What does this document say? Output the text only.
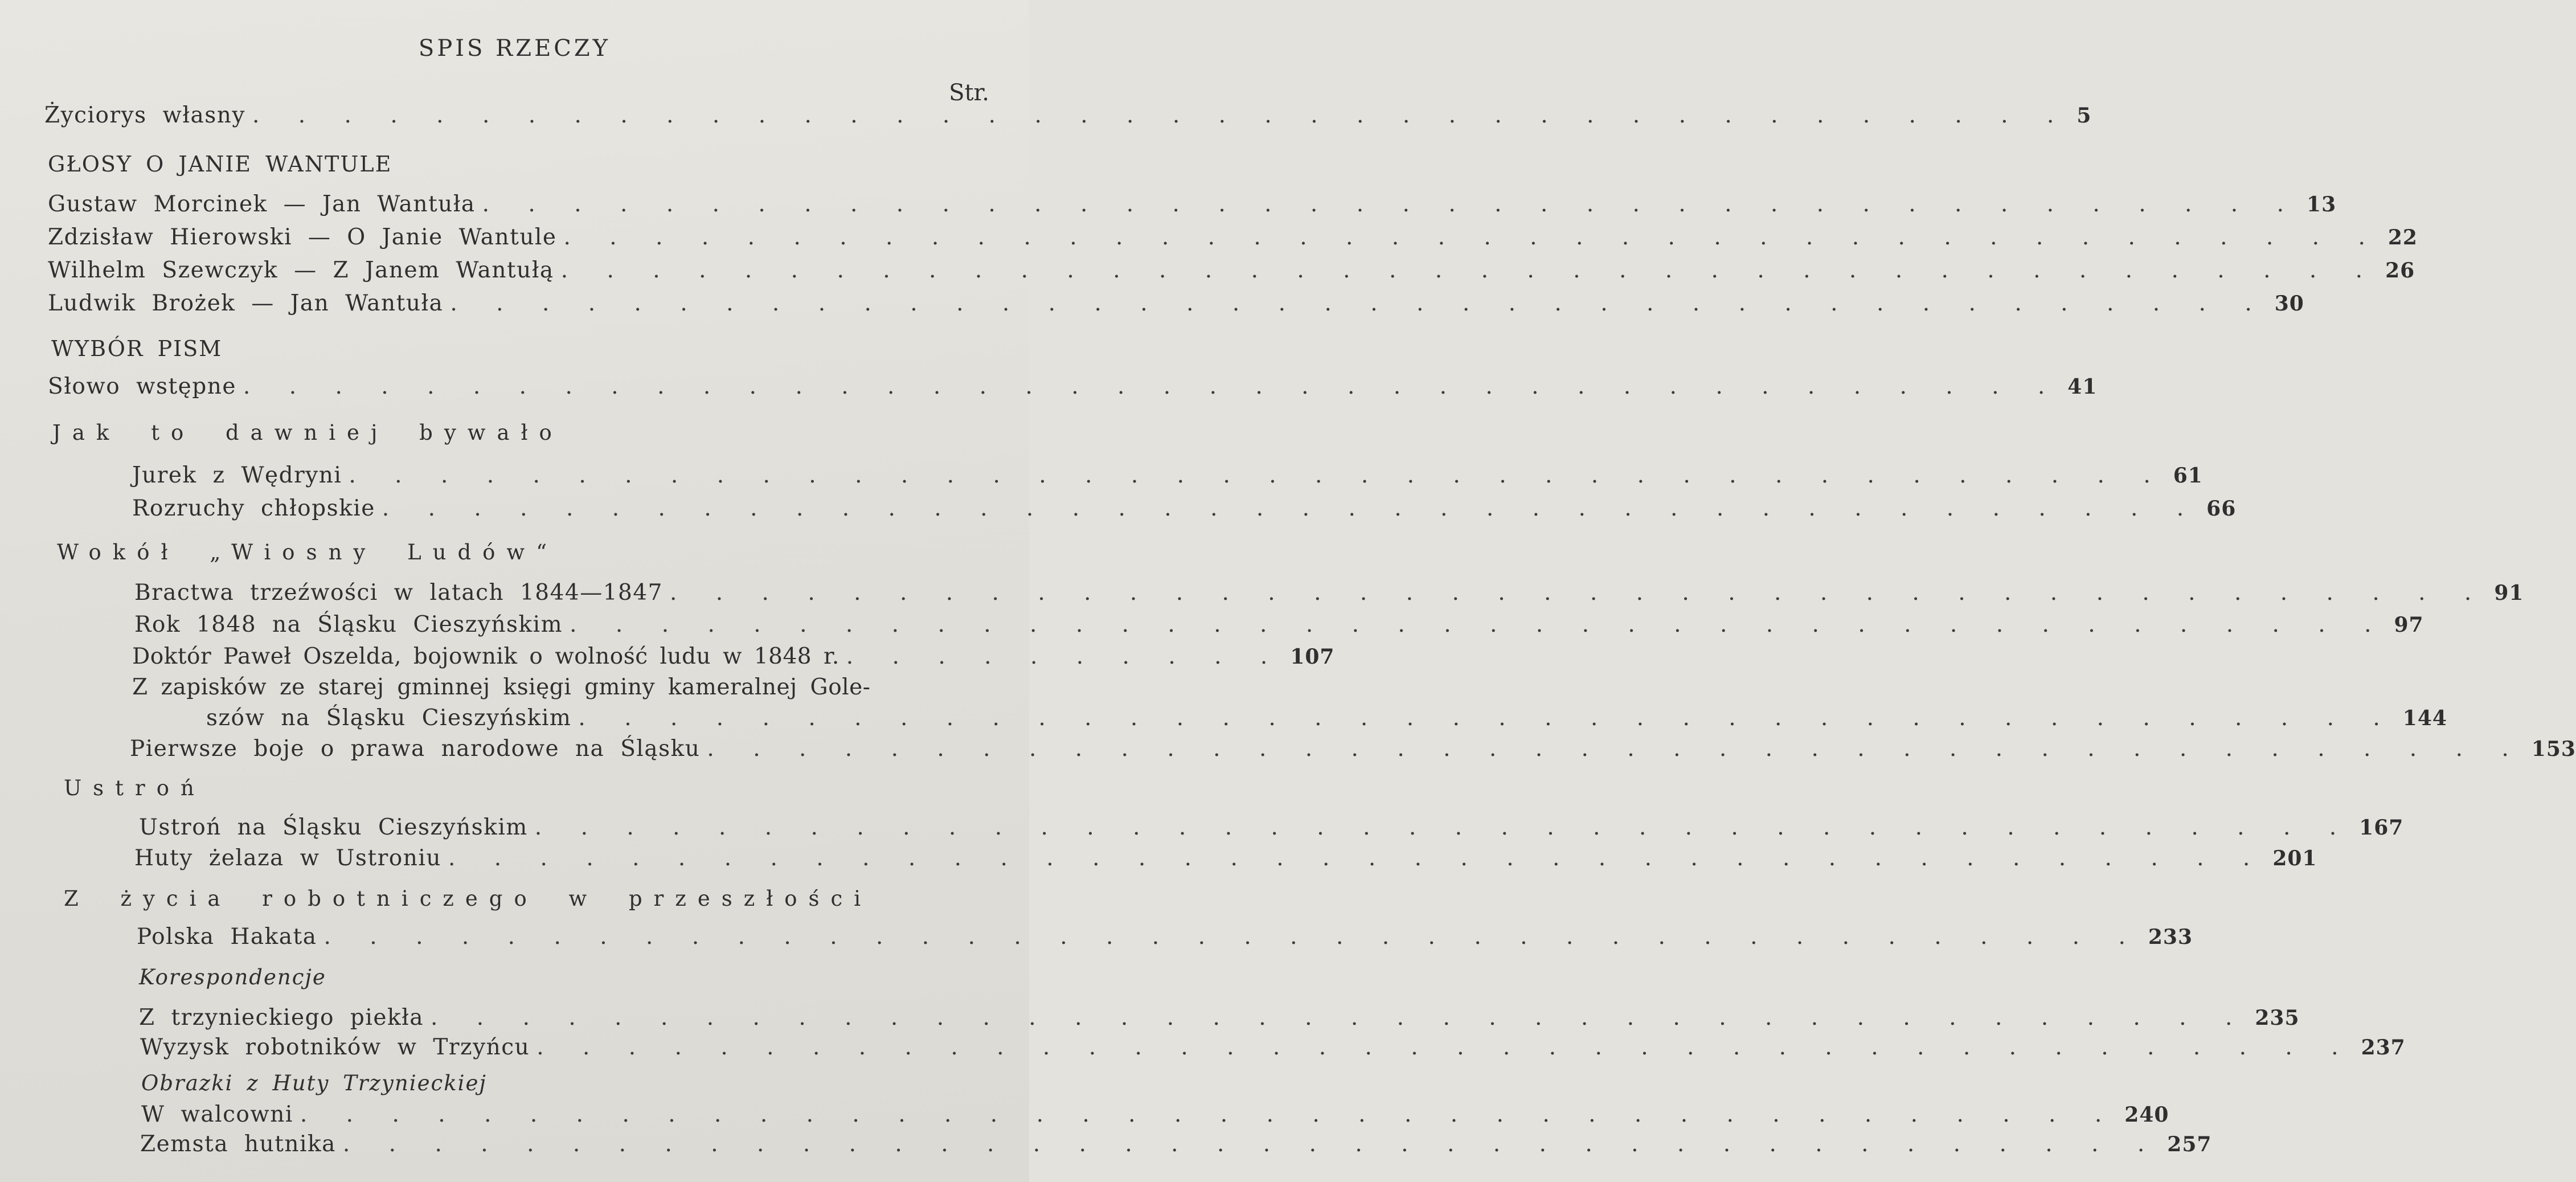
SPIS RZECZY
Str.
Życiorys własny . . . . . . . . . . . . . . . . . . . . . . . . . . . . . . . . . . . . . . . . 5
GŁOSY O JANIE WANTULE
Gustaw Morcinek — Jan Wantuła . . . . . . . . . . . . . . . . . . . . . . . . . . . . . . . . . . . . . . . . 13
Zdzisław Hierowski — O Janie Wantule . . . . . . . . . . . . . . . . . . . . . . . . . . . . . . . . . . . . . . . . 22
Wilhelm Szewczyk — Z Janem Wantułą . . . . . . . . . . . . . . . . . . . . . . . . . . . . . . . . . . . . . . . . 26
Ludwik Brożek — Jan Wantuła . . . . . . . . . . . . . . . . . . . . . . . . . . . . . . . . . . . . . . . . 30
WYBÓR PISM
Słowo wstępne . . . . . . . . . . . . . . . . . . . . . . . . . . . . . . . . . . . . . . . . 41
Jak to dawniej bywało
Jurek z Wędryni . . . . . . . . . . . . . . . . . . . . . . . . . . . . . . . . . . . . . . . . 61
Rozruchy chłopskie . . . . . . . . . . . . . . . . . . . . . . . . . . . . . . . . . . . . . . . . 66
Wokół „Wiosny Ludów“
Bractwa trzeźwości w latach 1844—1847 . . . . . . . . . . . . . . . . . . . . . . . . . . . . . . . . . . . . . . . . 91
Rok 1848 na Śląsku Cieszyńskim . . . . . . . . . . . . . . . . . . . . . . . . . . . . . . . . . . . . . . . . 97
Doktór Paweł Oszelda, bojownik o wolność ludu w 1848 r. . . . . . . . . . . 107
Z zapisków ze starej gminnej księgi gminy kameralnej Gole-
szów na Śląsku Cieszyńskim . . . . . . . . . . . . . . . . . . . . . . . . . . . . . . . . . . . . . . . . 144
Pierwsze boje o prawa narodowe na Śląsku . . . . . . . . . . . . . . . . . . . . . . . . . . . . . . . . . . . . . . . . 153
Ustroń
Ustroń na Śląsku Cieszyńskim . . . . . . . . . . . . . . . . . . . . . . . . . . . . . . . . . . . . . . . . 167
Huty żelaza w Ustroniu . . . . . . . . . . . . . . . . . . . . . . . . . . . . . . . . . . . . . . . . 201
Z życia robotniczego w przeszłości
Polska Hakata . . . . . . . . . . . . . . . . . . . . . . . . . . . . . . . . . . . . . . . . 233
Korespondencje
Z trzynieckiego piekła . . . . . . . . . . . . . . . . . . . . . . . . . . . . . . . . . . . . . . . . 235
Wyzysk robotników w Trzyńcu . . . . . . . . . . . . . . . . . . . . . . . . . . . . . . . . . . . . . . . . 237
Obrazki z Huty Trzynieckiej
W walcowni . . . . . . . . . . . . . . . . . . . . . . . . . . . . . . . . . . . . . . . . 240
Zemsta hutnika . . . . . . . . . . . . . . . . . . . . . . . . . . . . . . . . . . . . . . . . 257
